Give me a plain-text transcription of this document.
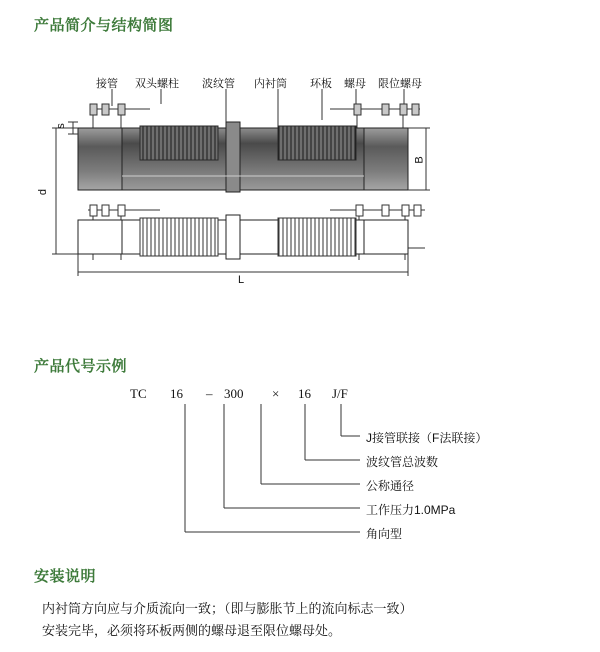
产品简介与结构简图
产品代号示例
安装说明
接管 双头螺柱 波纹管 内衬筒 环板 螺母 限位螺母
s
d
B
L
TC 16 – 300 × 16 J/F
J接管联接（F法联接）
波纹管总波数
公称通径
工作压力1.0MPa
角向型
内衬筒方向应与介质流向一致；（即与膨胀节上的流向标志一致）
安装完毕，必须将环板两侧的螺母退至限位螺母处。
